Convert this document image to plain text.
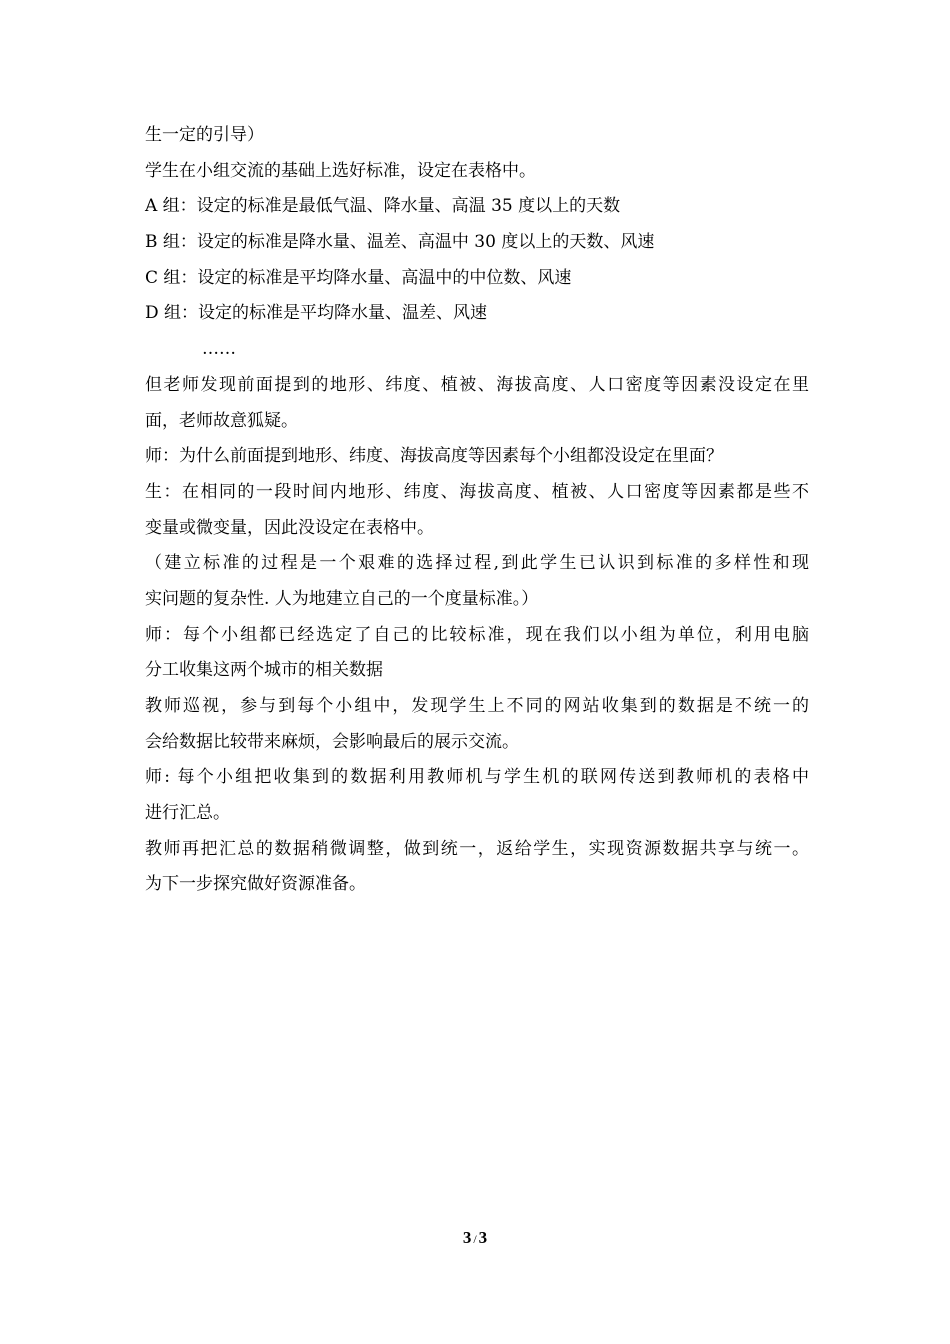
生一定的引导）
学生在小组交流的基础上选好标准，设定在表格中。
A 组：设定的标准是最低气温、降水量、高温 35 度以上的天数
B 组：设定的标准是降水量、温差、高温中 30 度以上的天数、风速
C 组：设定的标准是平均降水量、高温中的中位数、风速
D 组：设定的标准是平均降水量、温差、风速
……
但老师发现前面提到的地形、纬度、植被、海拔高度、人口密度等因素没设定在里
面，老师故意狐疑。
师：为什么前面提到地形、纬度、海拔高度等因素每个小组都没设定在里面？
生：在相同的一段时间内地形、纬度、海拔高度、植被、人口密度等因素都是些不
变量或微变量，因此没设定在表格中。
（建立标准的过程是一个艰难的选择过程,到此学生已认识到标准的多样性和现
实问题的复杂性. 人为地建立自己的一个度量标准。）
师：每个小组都已经选定了自己的比较标准，现在我们以小组为单位，利用电脑
分工收集这两个城市的相关数据
教师巡视，参与到每个小组中，发现学生上不同的网站收集到的数据是不统一的
会给数据比较带来麻烦，会影响最后的展示交流。
师: 每个小组把收集到的数据利用教师机与学生机的联网传送到教师机的表格中
进行汇总。
教师再把汇总的数据稍微调整，做到统一，返给学生，实现资源数据共享与统一。
为下一步探究做好资源准备。
3 / 3
